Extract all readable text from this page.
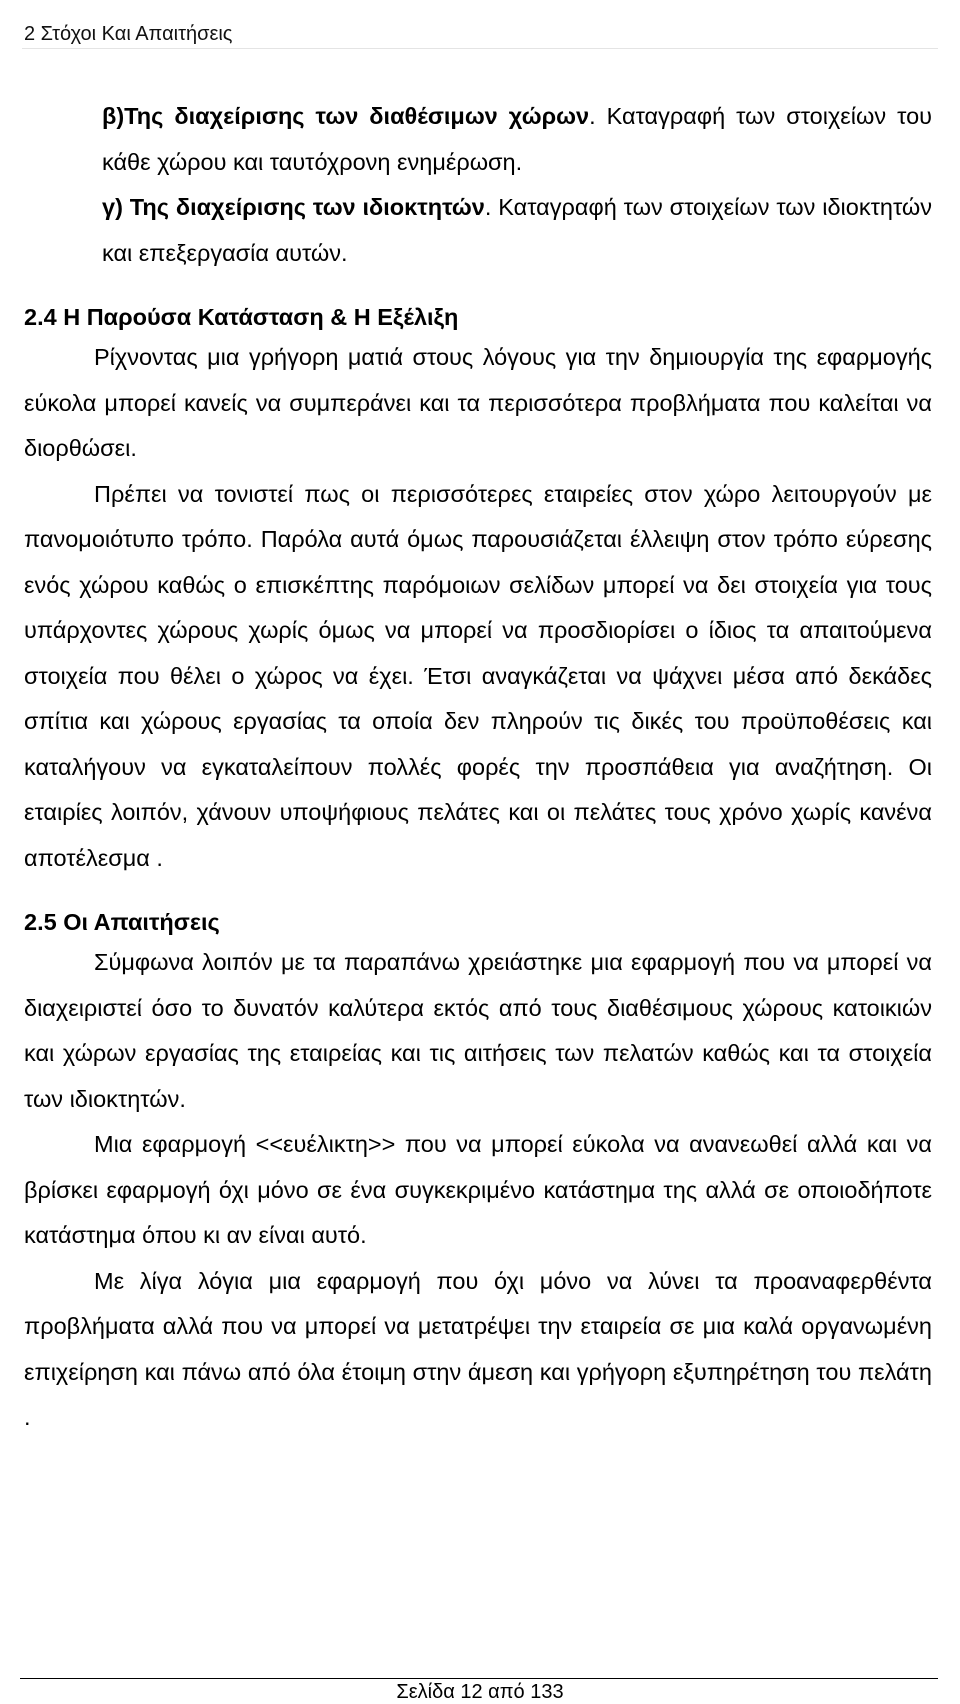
2 Στόχοι Και Απαιτήσεις

β)Της διαχείρισης των διαθέσιμων χώρων. Καταγραφή των στοιχείων του κάθε χώρου και ταυτόχρονη ενημέρωση.

γ) Της διαχείρισης των ιδιοκτητών. Καταγραφή των στοιχείων των ιδιοκτητών και επεξεργασία αυτών.

2.4 Η Παρούσα Κατάσταση & Η Εξέλιξη

Ρίχνοντας μια γρήγορη ματιά στους λόγους για την δημιουργία της εφαρμογής εύκολα μπορεί κανείς να συμπεράνει και τα περισσότερα προβλήματα που καλείται να διορθώσει.

Πρέπει να τονιστεί πως οι περισσότερες εταιρείες στον χώρο λειτουργούν με πανομοιότυπο τρόπο. Παρόλα αυτά όμως παρουσιάζεται έλλειψη στον τρόπο εύρεσης ενός χώρου καθώς ο επισκέπτης παρόμοιων σελίδων μπορεί να δει στοιχεία για τους υπάρχοντες χώρους χωρίς όμως να μπορεί να προσδιορίσει ο ίδιος τα απαιτούμενα στοιχεία που θέλει ο χώρος να έχει. Έτσι αναγκάζεται να ψάχνει μέσα από δεκάδες σπίτια και χώρους εργασίας τα οποία δεν πληρούν τις δικές του προϋποθέσεις και καταλήγουν να εγκαταλείπουν πολλές φορές την προσπάθεια για αναζήτηση. Οι εταιρίες λοιπόν, χάνουν υποψήφιους πελάτες και οι πελάτες τους χρόνο χωρίς κανένα αποτέλεσμα .

2.5 Οι Απαιτήσεις

Σύμφωνα λοιπόν με τα παραπάνω χρειάστηκε μια εφαρμογή που να μπορεί να διαχειριστεί όσο το δυνατόν καλύτερα εκτός από τους διαθέσιμους χώρους κατοικιών και χώρων εργασίας της εταιρείας και τις αιτήσεις των πελατών καθώς και τα στοιχεία των ιδιοκτητών.

Μια εφαρμογή <<ευέλικτη>> που να μπορεί εύκολα να ανανεωθεί αλλά και να βρίσκει εφαρμογή όχι μόνο σε ένα συγκεκριμένο κατάστημα της αλλά σε οποιοδήποτε κατάστημα όπου κι αν είναι αυτό.

Με λίγα λόγια μια εφαρμογή που όχι μόνο να λύνει τα προαναφερθέντα προβλήματα αλλά που να μπορεί να μετατρέψει την εταιρεία σε μια καλά οργανωμένη επιχείρηση και πάνω από όλα έτοιμη στην άμεση και γρήγορη εξυπηρέτηση του πελάτη .

Σελίδα 12 από 133
